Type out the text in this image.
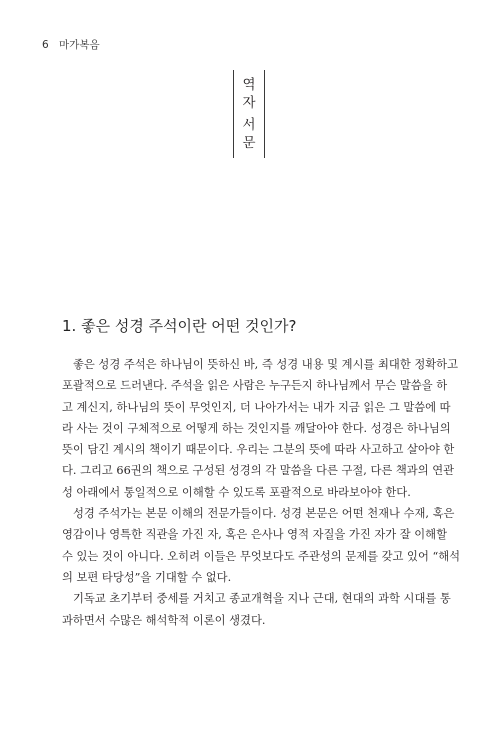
6 마가복음
역
자
서
문
1. 좋은 성경 주석이란 어떤 것인가?
좋은 성경 주석은 하나님이 뜻하신 바, 즉 성경 내용 및 계시를 최대한 정확하고
포괄적으로 드러낸다. 주석을 읽은 사람은 누구든지 하나님께서 무슨 말씀을 하
고 계신지, 하나님의 뜻이 무엇인지, 더 나아가서는 내가 지금 읽은 그 말씀에 따
라 사는 것이 구체적으로 어떻게 하는 것인지를 깨달아야 한다. 성경은 하나님의
뜻이 담긴 계시의 책이기 때문이다. 우리는 그분의 뜻에 따라 사고하고 살아야 한
다. 그리고 66권의 책으로 구성된 성경의 각 말씀을 다른 구절, 다른 책과의 연관
성 아래에서 통일적으로 이해할 수 있도록 포괄적으로 바라보아야 한다.
성경 주석가는 본문 이해의 전문가들이다. 성경 본문은 어떤 천재나 수재, 혹은
영감이나 영특한 직관을 가진 자, 혹은 은사나 영적 자질을 가진 자가 잘 이해할
수 있는 것이 아니다. 오히려 이들은 무엇보다도 주관성의 문제를 갖고 있어 “해석
의 보편 타당성”을 기대할 수 없다.
기독교 초기부터 중세를 거치고 종교개혁을 지나 근대, 현대의 과학 시대를 통
과하면서 수많은 해석학적 이론이 생겼다.
